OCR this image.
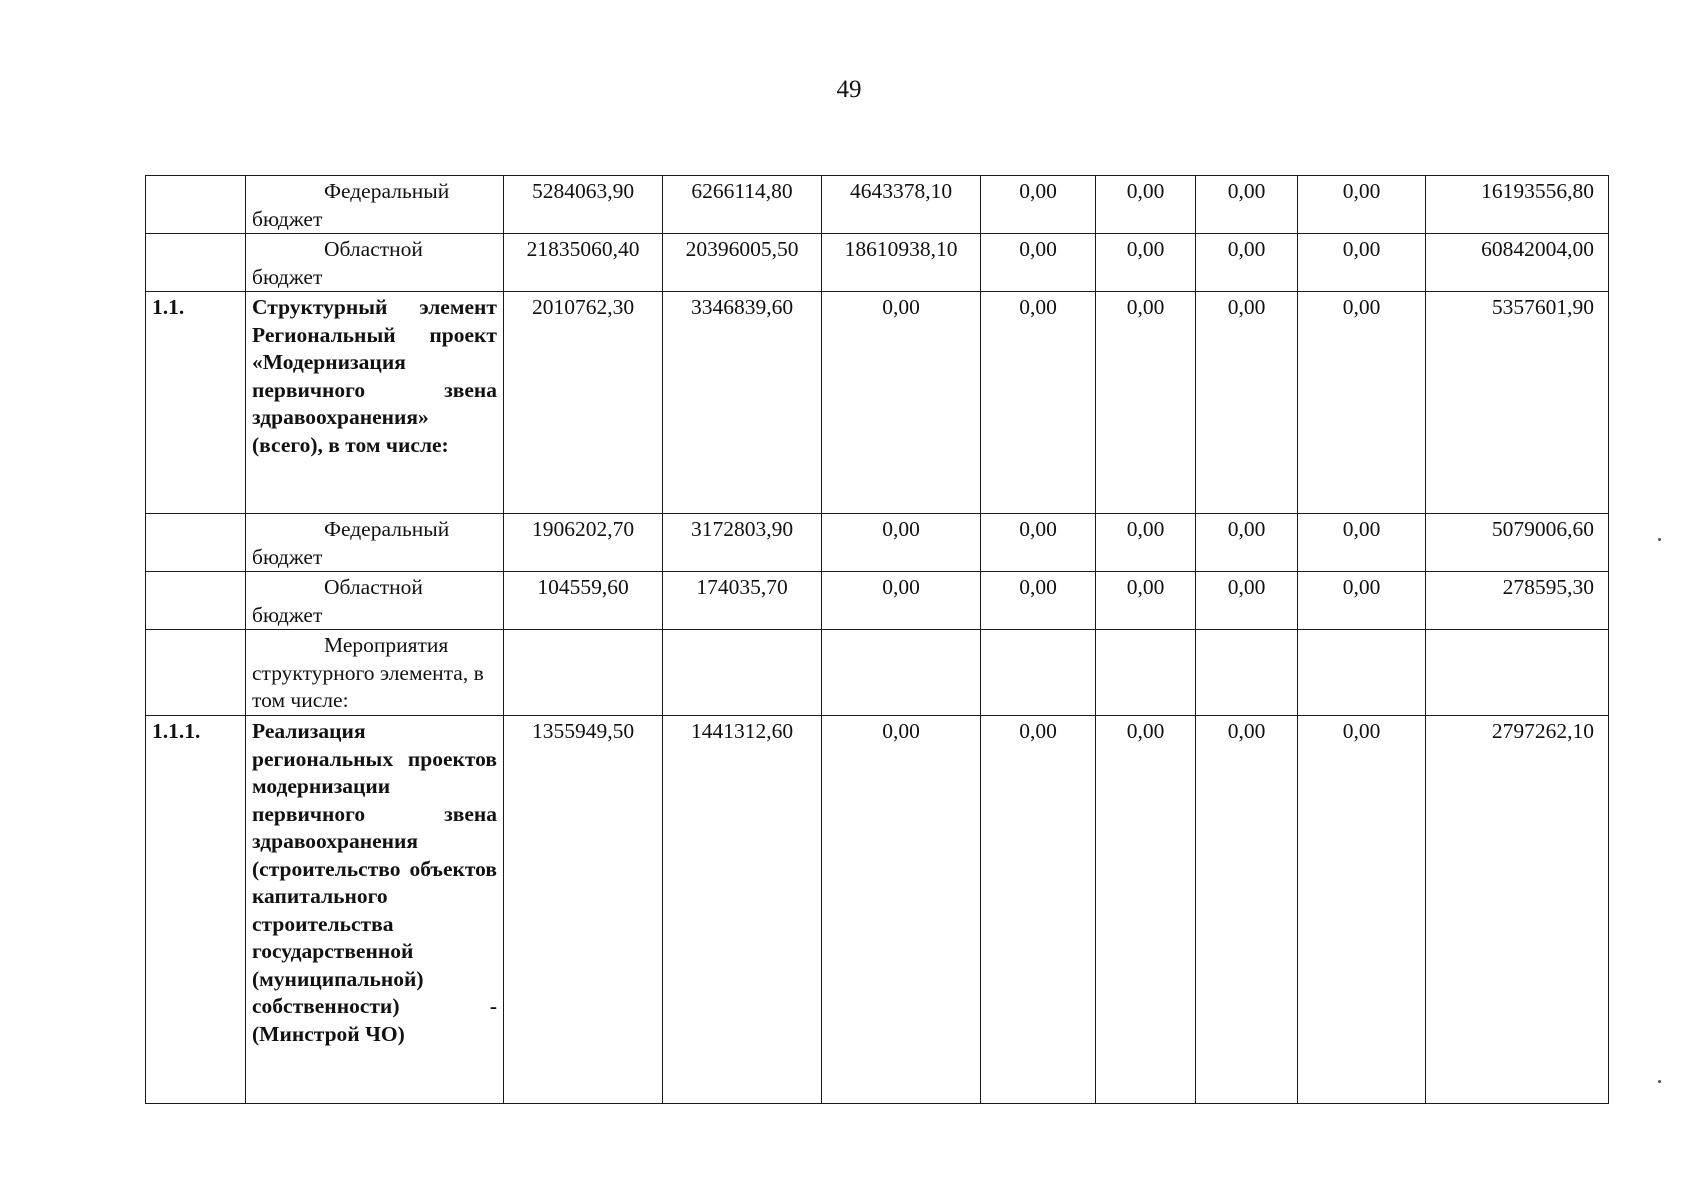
49
	Федеральный бюджет	5284063,90	6266114,80	4643378,10	0,00	0,00	0,00	0,00	16193556,80
	Областной бюджет	21835060,40	20396005,50	18610938,10	0,00	0,00	0,00	0,00	60842004,00
1.1.	Структурный элемент Региональный проект «Модернизация первичного звена здравоохранения» (всего), в том числе:	2010762,30	3346839,60	0,00	0,00	0,00	0,00	0,00	5357601,90
	Федеральный бюджет	1906202,70	3172803,90	0,00	0,00	0,00	0,00	0,00	5079006,60
	Областной бюджет	104559,60	174035,70	0,00	0,00	0,00	0,00	0,00	278595,30
	Мероприятия структурного элемента, в том числе:								
1.1.1.	Реализация региональных проектов модернизации первичного звена здравоохранения (строительство объектов капитального строительства государственной (муниципальной) собственности) - (Минстрой ЧО)	1355949,50	1441312,60	0,00	0,00	0,00	0,00	0,00	2797262,10
